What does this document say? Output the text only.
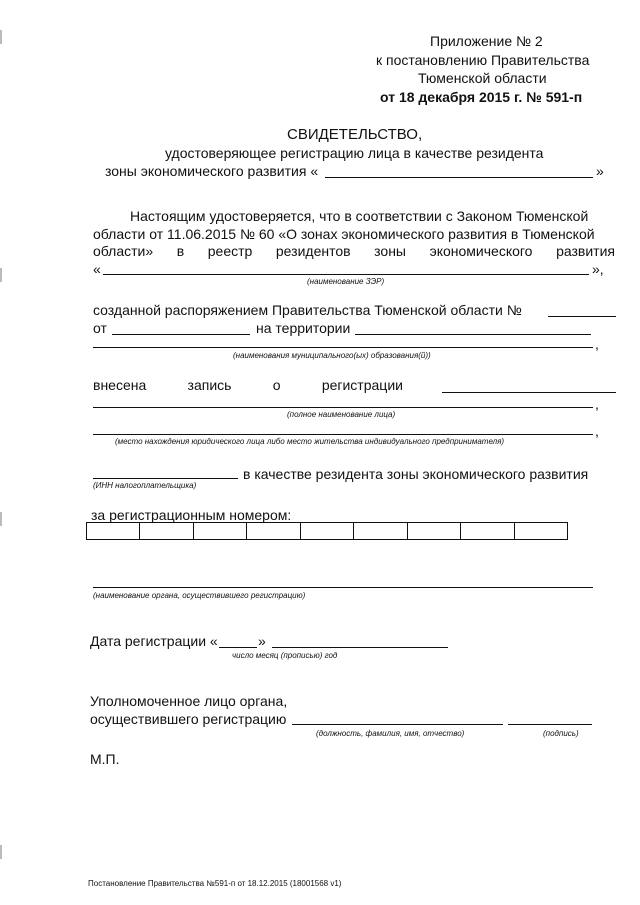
Приложение № 2
к постановлению Правительства
Тюменской области
от 18 декабря 2015 г. № 591-п
СВИДЕТЕЛЬСТВО,
удостоверяющее регистрацию лица в качестве резидента
зоны экономического развития «	»
Настоящим удостоверяется, что в соответствии с Законом Тюменской
области от 11.06.2015 № 60 «О зонах экономического развития в Тюменской
области» в реестр резидентов зоны экономического развития
«	»,
(наименование ЗЭР)
созданной распоряжением Правительства Тюменской области №
от	на территории
,
(наименования муниципального(ых) образования(й))
внесена	запись	о	регистрации
,
(полное наименование лица)
,
(место нахождения юридического лица либо место жительства индивидуального предпринимателя)
в качестве резидента зоны экономического развития
(ИНН налогоплательщика)
за регистрационным номером:
(наименование органа, осуществившего регистрацию)
Дата регистрации «	»
число месяц (прописью) год
Уполномоченное лицо органа,
осуществившего регистрацию
(должность, фамилия, имя, отчество)	(подпись)
М.П.
Постановление Правительства №591-п от 18.12.2015 (18001568 v1)
